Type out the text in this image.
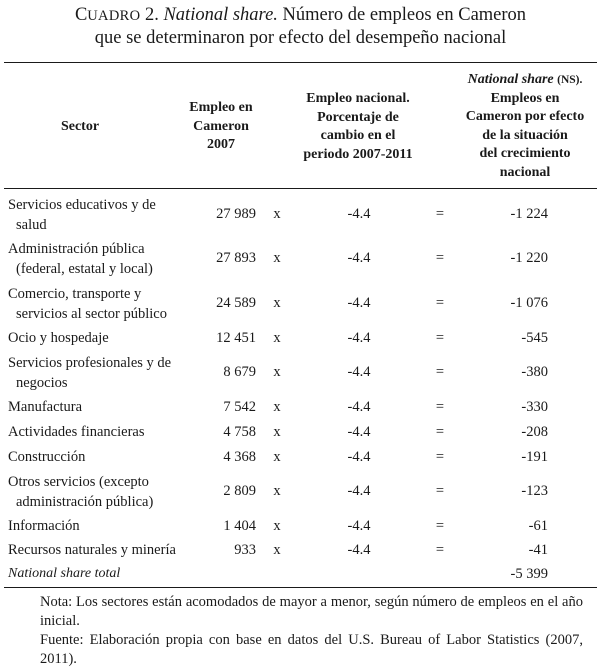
CUADRO 2. National share. Número de empleos en Cameron
que se determinaron por efecto del desempeño nacional
Sector
Empleo en
Cameron
2007
Empleo nacional.
Porcentaje de
cambio en el
periodo 2007-2011
National share (NS).
Empleos en
Cameron por efecto
de la situación
del crecimiento
nacional
Servicios educativos y de
salud
27 989 x	-4.4	=	-1 224
Administración pública
(federal, estatal y local)
27 893 x	-4.4	=	-1 220
Comercio, transporte y
servicios al sector público
24 589 x	-4.4	=	-1 076
Ocio y hospedaje	12 451 x	-4.4	=	-545
Servicios profesionales y de
negocios
8 679 x	-4.4	=	-380
Manufactura	7 542 x	-4.4	=	-330
Actividades financieras	4 758 x	-4.4	=	-208
Construcción	4 368 x	-4.4	=	-191
Otros servicios (excepto
administración pública)
2 809 x	-4.4	=	-123
Información	1 404 x	-4.4	=	-61
Recursos naturales y minería	933 x	-4.4	=	-41
National share total	-5 399
Nota: Los sectores están acomodados de mayor a menor, según número de empleos en el año inicial.
Fuente: Elaboración propia con base en datos del U.S. Bureau of Labor Statistics (2007, 2011).
